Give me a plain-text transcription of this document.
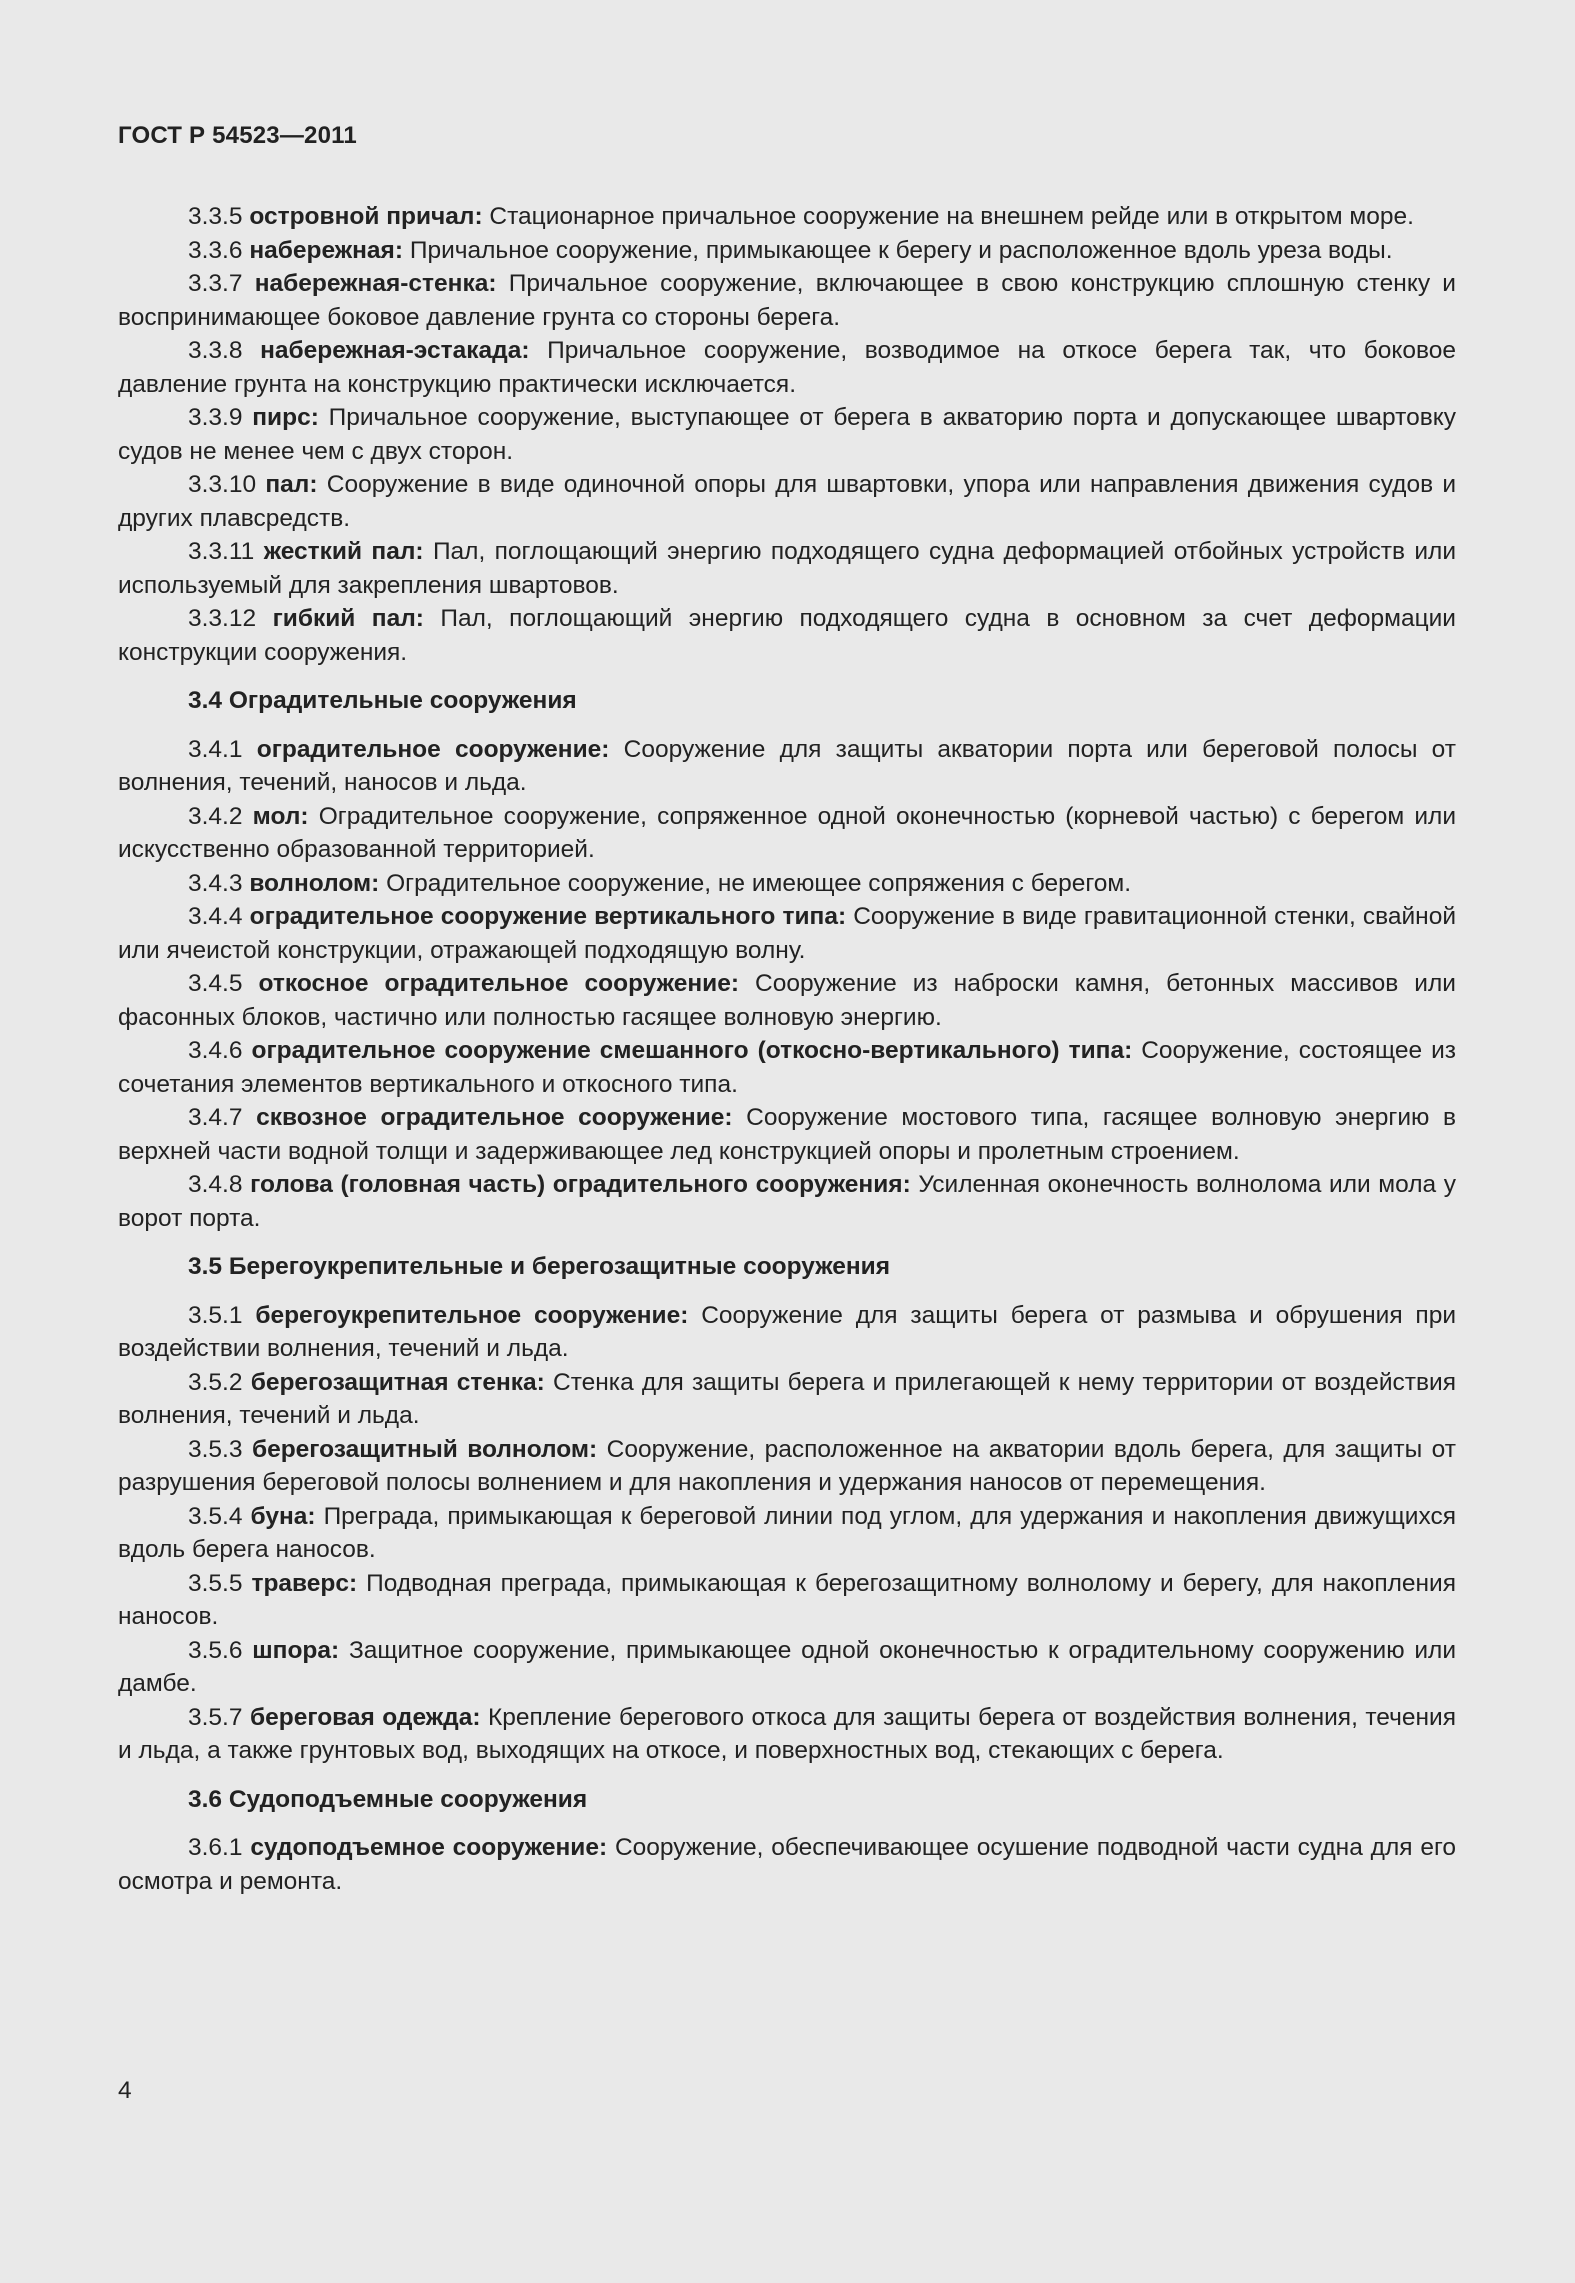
ГОСТ Р 54523—2011

3.3.5 островной причал: Стационарное причальное сооружение на внешнем рейде или в открытом море.

3.3.6 набережная: Причальное сооружение, примыкающее к берегу и расположенное вдоль уреза воды.

3.3.7 набережная-стенка: Причальное сооружение, включающее в свою конструкцию сплошную стенку и воспринимающее боковое давление грунта со стороны берега.

3.3.8 набережная-эстакада: Причальное сооружение, возводимое на откосе берега так, что боковое давление грунта на конструкцию практически исключается.

3.3.9 пирс: Причальное сооружение, выступающее от берега в акваторию порта и допускающее швартовку судов не менее чем с двух сторон.

3.3.10 пал: Сооружение в виде одиночной опоры для швартовки, упора или направления движения судов и других плавсредств.

3.3.11 жесткий пал: Пал, поглощающий энергию подходящего судна деформацией отбойных устройств или используемый для закрепления швартовов.

3.3.12 гибкий пал: Пал, поглощающий энергию подходящего судна в основном за счет деформации конструкции сооружения.

3.4 Оградительные сооружения

3.4.1 оградительное сооружение: Сооружение для защиты акватории порта или береговой полосы от волнения, течений, наносов и льда.

3.4.2 мол: Оградительное сооружение, сопряженное одной оконечностью (корневой частью) с берегом или искусственно образованной территорией.

3.4.3 волнолом: Оградительное сооружение, не имеющее сопряжения с берегом.

3.4.4 оградительное сооружение вертикального типа: Сооружение в виде гравитационной стенки, свайной или ячеистой конструкции, отражающей подходящую волну.

3.4.5 откосное оградительное сооружение: Сооружение из наброски камня, бетонных массивов или фасонных блоков, частично или полностью гасящее волновую энергию.

3.4.6 оградительное сооружение смешанного (откосно-вертикального) типа: Сооружение, состоящее из сочетания элементов вертикального и откосного типа.

3.4.7 сквозное оградительное сооружение: Сооружение мостового типа, гасящее волновую энергию в верхней части водной толщи и задерживающее лед конструкцией опоры и пролетным строением.

3.4.8 голова (головная часть) оградительного сооружения: Усиленная оконечность волнолома или мола у ворот порта.

3.5 Берегоукрепительные и берегозащитные сооружения

3.5.1 берегоукрепительное сооружение: Сооружение для защиты берега от размыва и обрушения при воздействии волнения, течений и льда.

3.5.2 берегозащитная стенка: Стенка для защиты берега и прилегающей к нему территории от воздействия волнения, течений и льда.

3.5.3 берегозащитный волнолом: Сооружение, расположенное на акватории вдоль берега, для защиты от разрушения береговой полосы волнением и для накопления и удержания наносов от перемещения.

3.5.4 буна: Преграда, примыкающая к береговой линии под углом, для удержания и накопления движущихся вдоль берега наносов.

3.5.5 траверс: Подводная преграда, примыкающая к берегозащитному волнолому и берегу, для накопления наносов.

3.5.6 шпора: Защитное сооружение, примыкающее одной оконечностью к оградительному сооружению или дамбе.

3.5.7 береговая одежда: Крепление берегового откоса для защиты берега от воздействия волнения, течения и льда, а также грунтовых вод, выходящих на откосе, и поверхностных вод, стекающих с берега.

3.6 Судоподъемные сооружения

3.6.1 судоподъемное сооружение: Сооружение, обеспечивающее осушение подводной части судна для его осмотра и ремонта.

4
